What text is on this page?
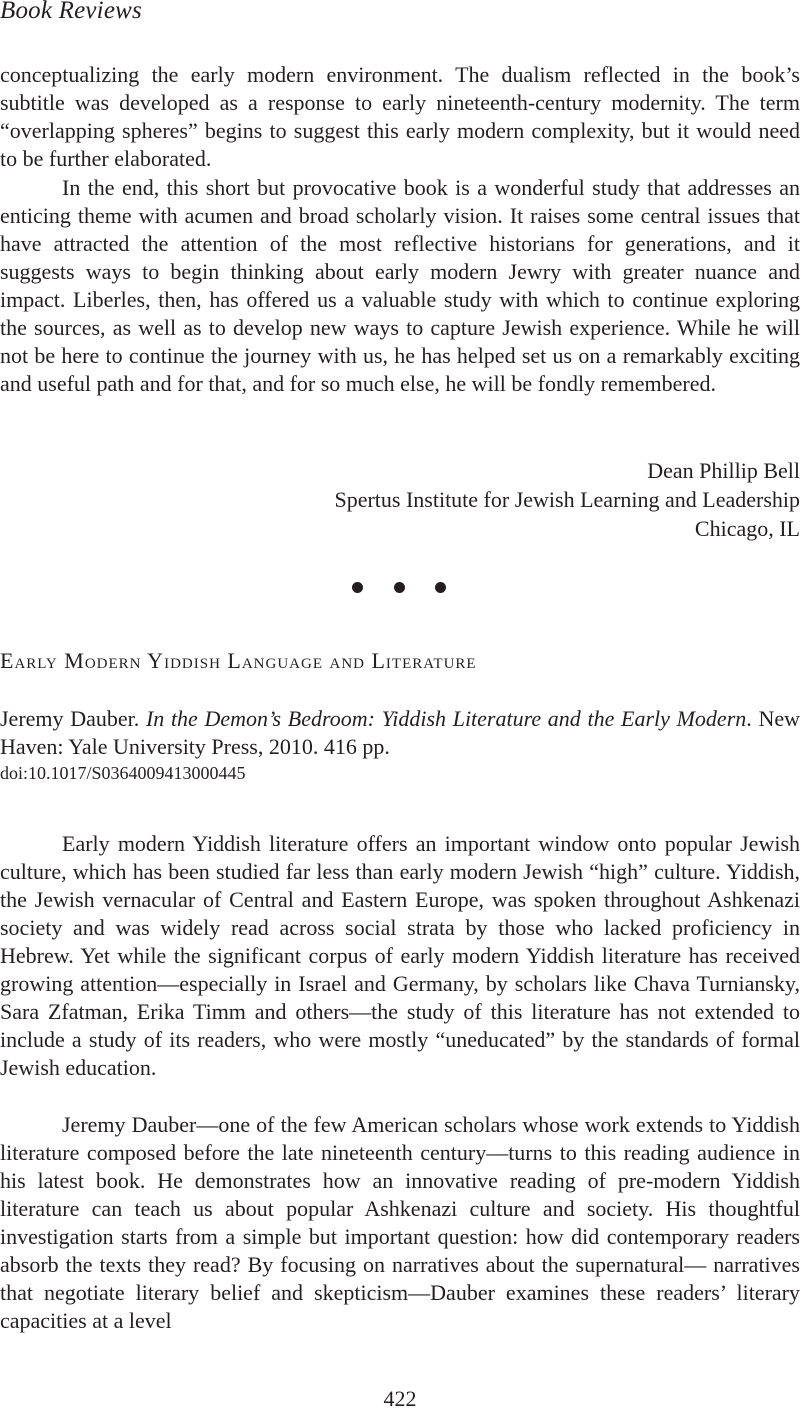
Book Reviews

conceptualizing the early modern environment. The dualism reflected in the book’s subtitle was developed as a response to early nineteenth-century modernity. The term “overlapping spheres” begins to suggest this early modern complexity, but it would need to be further elaborated.

In the end, this short but provocative book is a wonderful study that addresses an enticing theme with acumen and broad scholarly vision. It raises some central issues that have attracted the attention of the most reflective historians for generations, and it suggests ways to begin thinking about early modern Jewry with greater nuance and impact. Liberles, then, has offered us a valuable study with which to continue exploring the sources, as well as to develop new ways to capture Jewish experience. While he will not be here to continue the journey with us, he has helped set us on a remarkably exciting and useful path and for that, and for so much else, he will be fondly remembered.

Dean Phillip Bell
Spertus Institute for Jewish Learning and Leadership
Chicago, IL
Early Modern Yiddish Language and Literature

Jeremy Dauber. In the Demon’s Bedroom: Yiddish Literature and the Early Modern. New Haven: Yale University Press, 2010. 416 pp.

doi:10.1017/S0364009413000445

Early modern Yiddish literature offers an important window onto popular Jewish culture, which has been studied far less than early modern Jewish “high” culture. Yiddish, the Jewish vernacular of Central and Eastern Europe, was spoken throughout Ashkenazi society and was widely read across social strata by those who lacked proficiency in Hebrew. Yet while the significant corpus of early modern Yiddish literature has received growing attention—especially in Israel and Germany, by scholars like Chava Turniansky, Sara Zfatman, Erika Timm and others—the study of this literature has not extended to include a study of its readers, who were mostly “uneducated” by the standards of formal Jewish education.

Jeremy Dauber—one of the few American scholars whose work extends to Yiddish literature composed before the late nineteenth century—turns to this reading audience in his latest book. He demonstrates how an innovative reading of pre-modern Yiddish literature can teach us about popular Ashkenazi culture and society. His thoughtful investigation starts from a simple but important question: how did contemporary readers absorb the texts they read? By focusing on narratives about the supernatural— narratives that negotiate literary belief and skepticism—Dauber examines these readers’ literary capacities at a level

422
